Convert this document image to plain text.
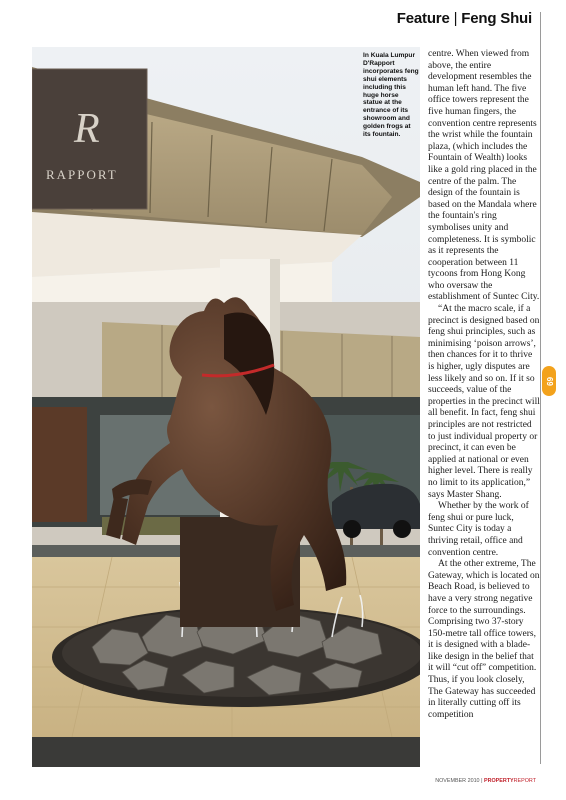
Feature | Feng Shui
R
RAPPORT
In Kuala Lumpur D'Rapport incorporates feng shui elements including this huge horse statue at the entrance of its showroom and golden frogs at its fountain.

centre. When viewed from above, the entire development resembles the human left hand. The five office towers represent the five human fingers, the convention centre represents the wrist while the fountain plaza, (which includes the Fountain of Wealth) looks like a gold ring placed in the centre of the palm. The design of the fountain is based on the Mandala where the fountain's ring symbolises unity and completeness. It is symbolic as it represents the cooperation between 11 tycoons from Hong Kong who oversaw the establishment of Suntec City.

“At the macro scale, if a precinct is designed based on feng shui principles, such as minimising ‘poison arrows’, then chances for it to thrive is higher, ugly disputes are less likely and so on. If it so succeeds, value of the properties in the precinct will all benefit. In fact, feng shui principles are not restricted to just individual property or precinct, it can even be applied at national or even higher level. There is really no limit to its application,” says Master Shang.

Whether by the work of feng shui or pure luck, Suntec City is today a thriving retail, office and convention centre.

At the other extreme, The Gateway, which is located on Beach Road, is believed to have a very strong negative force to the surroundings. Comprising two 37-story 150-metre tall office towers, it is designed with a blade-like design in the belief that it will “cut off” competition. Thus, if you look closely, The Gateway has succeeded in literally cutting off its competition

69
NOVEMBER 2010 | PROPERTYREPORT
